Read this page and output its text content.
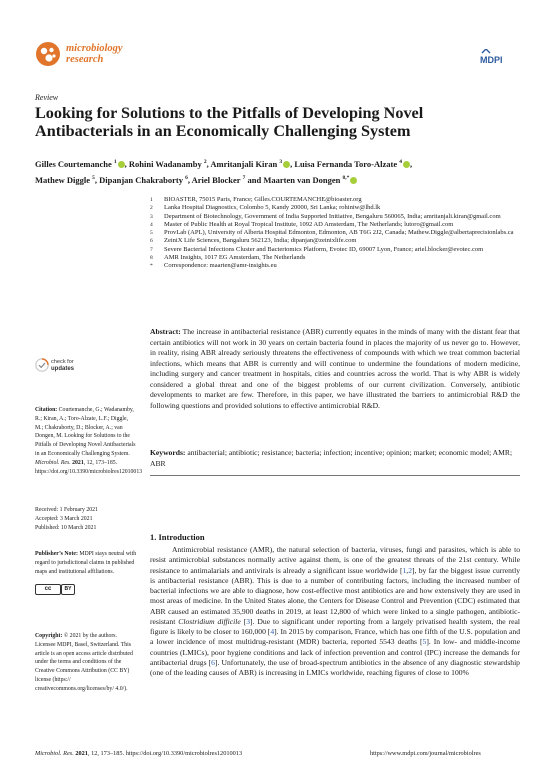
microbiology
research	MDPI
Review
Looking for Solutions to the Pitfalls of Developing Novel Antibacterials in an Economically Challenging System
Gilles Courtemanche $^1$ , Rohini Wadanamby $^2$, Amritanjali Kiran $^3$ , Luisa Fernanda Toro-Alzate $^4$ ,
Mathew Diggle $^5$, Dipanjan Chakraborty $^6$, Ariel Blocker $^7$ and Maarten van Dongen $^{8,*}$
1 BIOASTER, 75015 Paris, France; Gilles.COURTEMANCHE@bioaster.org
2 Lanka Hospital Diagnostics, Colombo 5, Kandy 20000, Sri Lanka; rohiniw@lhd.lk
3 Department of Biotechnology, Government of India Supported Initiative, Bengaluru 560065, India; amritanjali.kiran@gmail.com
4 Master of Public Health at Royal Tropical Institute, 1092 AD Amsterdam, The Netherlands; lutoro@gmail.com
5 ProvLab (APL), University of Alberta Hospital Edmonton, Edmonton, AB T6G 2J2, Canada; Mathew.Diggle@albertaprecisionlabs.ca
6 ZeiniX Life Sciences, Bangaluru 562123, India; dipanjan@zeinixlife.com
7 Severe Bacterial Infections Cluster and Bacteriomics Platform, Evotec ID, 69007 Lyon, France; ariel.blocker@evotec.com
8 AMR Insights, 1017 EG Amsterdam, The Netherlands
* Correspondence: maarten@amr-insights.eu
Abstract: The increase in antibacterial resistance (ABR) currently equates in the minds of many with the distant fear that certain antibiotics will not work in 30 years on certain bacteria found in places the majority of us never go to. However, in reality, rising ABR already seriously threatens the effectiveness of compounds with which we treat common bacterial infections, which means that ABR is currently and will continue to undermine the foundations of modern medicine, including surgery and cancer treatment in hospitals, cities and countries across the world. That is why ABR is widely considered a global threat and one of the biggest problems of our current civilization. Conversely, antibiotic developments to market are few. Therefore, in this paper, we have illustrated the barriers to antimicrobial R&D the following questions and provided solutions to effective antimicrobial R&D.
Keywords: antibacterial; antibiotic; resistance; bacteria; infection; incentive; opinion; market; economic model; AMR; ABR
check for
updates
Citation: Courtemanche, G.; Wadanamby, R.; Kiran, A.; Toro-Alzate, L.F.; Diggle, M.; Chakraborty, D.; Blocker, A.; van Dongen, M. Looking for Solutions to the Pitfalls of Developing Novel Antibacterials in an Economically Challenging System. Microbiol. Res. 2021, 12, 173–185. https://doi.org/10.3390/microbiolres12010013
Received: 1 February 2021
Accepted: 3 March 2021
Published: 10 March 2021
Publisher’s Note: MDPI stays neutral with regard to jurisdictional claims in published maps and institutional affiliations.
cc	BY
Copyright: © 2021 by the authors. Licensee MDPI, Basel, Switzerland. This article is an open access article distributed under the terms and conditions of the Creative Commons Attribution (CC BY) license (https:// creativecommons.org/licenses/by/ 4.0/).
1. Introduction
Antimicrobial resistance (AMR), the natural selection of bacteria, viruses, fungi and parasites, which is able to resist antimicrobial substances normally active against them, is one of the greatest threats of the 21st century. While resistance to antimalarials and antivirals is already a significant issue worldwide [1,2], by far the biggest issue currently is antibacterial resistance (ABR). This is due to a number of contributing factors, including the increased number of bacterial infections we are able to diagnose, how cost-effective most antibiotics are and how extensively they are used in most areas of medicine. In the United States alone, the Centers for Disease Control and Prevention (CDC) estimated that ABR caused an estimated 35,900 deaths in 2019, at least 12,800 of which were linked to a single pathogen, antibiotic-resistant Clostridium difficile [3]. Due to significant under reporting from a largely privatised health system, the real figure is likely to be closer to 160,000 [4]. In 2015 by comparison, France, which has one fifth of the U.S. population and a lower incidence of most multidrug-resistant (MDR) bacteria, reported 5543 deaths [5]. In low- and middle-income countries (LMICs), poor hygiene conditions and lack of infection prevention and control (IPC) increase the demands for antibacterial drugs [6]. Unfortunately, the use of broad-spectrum antibiotics in the absence of any diagnostic stewardship (one of the leading causes of ABR) is increasing in LMICs worldwide, reaching figures of close to 100%
Microbiol. Res. 2021, 12, 173–185. https://doi.org/10.3390/microbiolres12010013	https://www.mdpi.com/journal/microbiolres
